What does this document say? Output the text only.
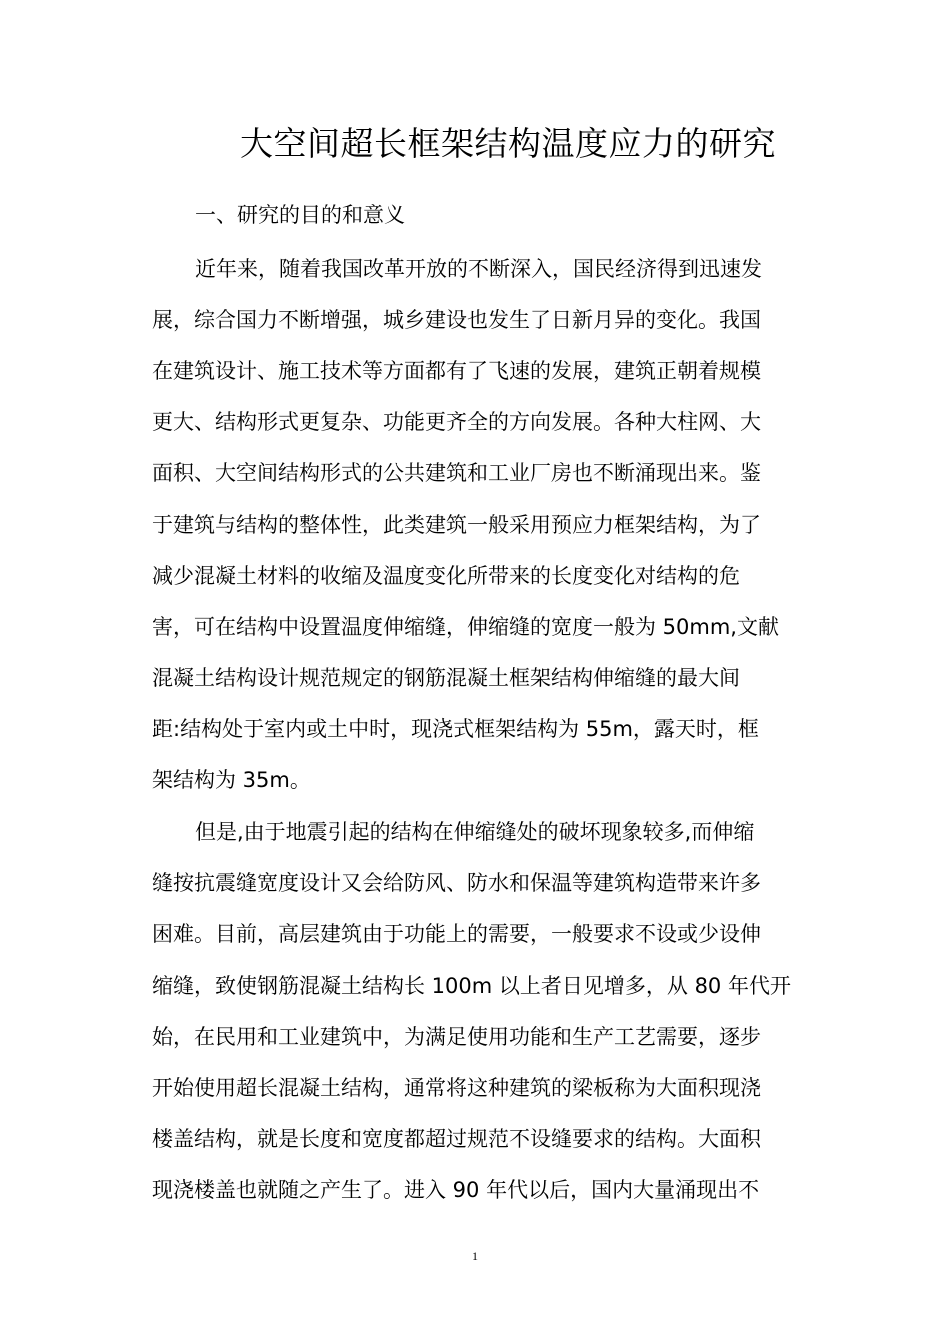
大空间超长框架结构温度应力的研究
一、研究的目的和意义
近年来，随着我国改革开放的不断深入，国民经济得到迅速发
展，综合国力不断增强，城乡建设也发生了日新月异的变化。我国
在建筑设计、施工技术等方面都有了飞速的发展，建筑正朝着规模
更大、结构形式更复杂、功能更齐全的方向发展。各种大柱网、大
面积、大空间结构形式的公共建筑和工业厂房也不断涌现出来。鉴
于建筑与结构的整体性，此类建筑一般采用预应力框架结构，为了
减少混凝土材料的收缩及温度变化所带来的长度变化对结构的危
害，可在结构中设置温度伸缩缝，伸缩缝的宽度一般为 50mm,文献
混凝土结构设计规范规定的钢筋混凝土框架结构伸缩缝的最大间
距:结构处于室内或土中时，现浇式框架结构为 55m，露天时，框
架结构为 35m。
但是,由于地震引起的结构在伸缩缝处的破坏现象较多,而伸缩
缝按抗震缝宽度设计又会给防风、防水和保温等建筑构造带来许多
困难。目前，高层建筑由于功能上的需要，一般要求不设或少设伸
缩缝，致使钢筋混凝土结构长 100m 以上者日见增多，从 80 年代开
始，在民用和工业建筑中，为满足使用功能和生产工艺需要，逐步
开始使用超长混凝土结构，通常将这种建筑的梁板称为大面积现浇
楼盖结构，就是长度和宽度都超过规范不设缝要求的结构。大面积
现浇楼盖也就随之产生了。进入 90 年代以后，国内大量涌现出不
1
